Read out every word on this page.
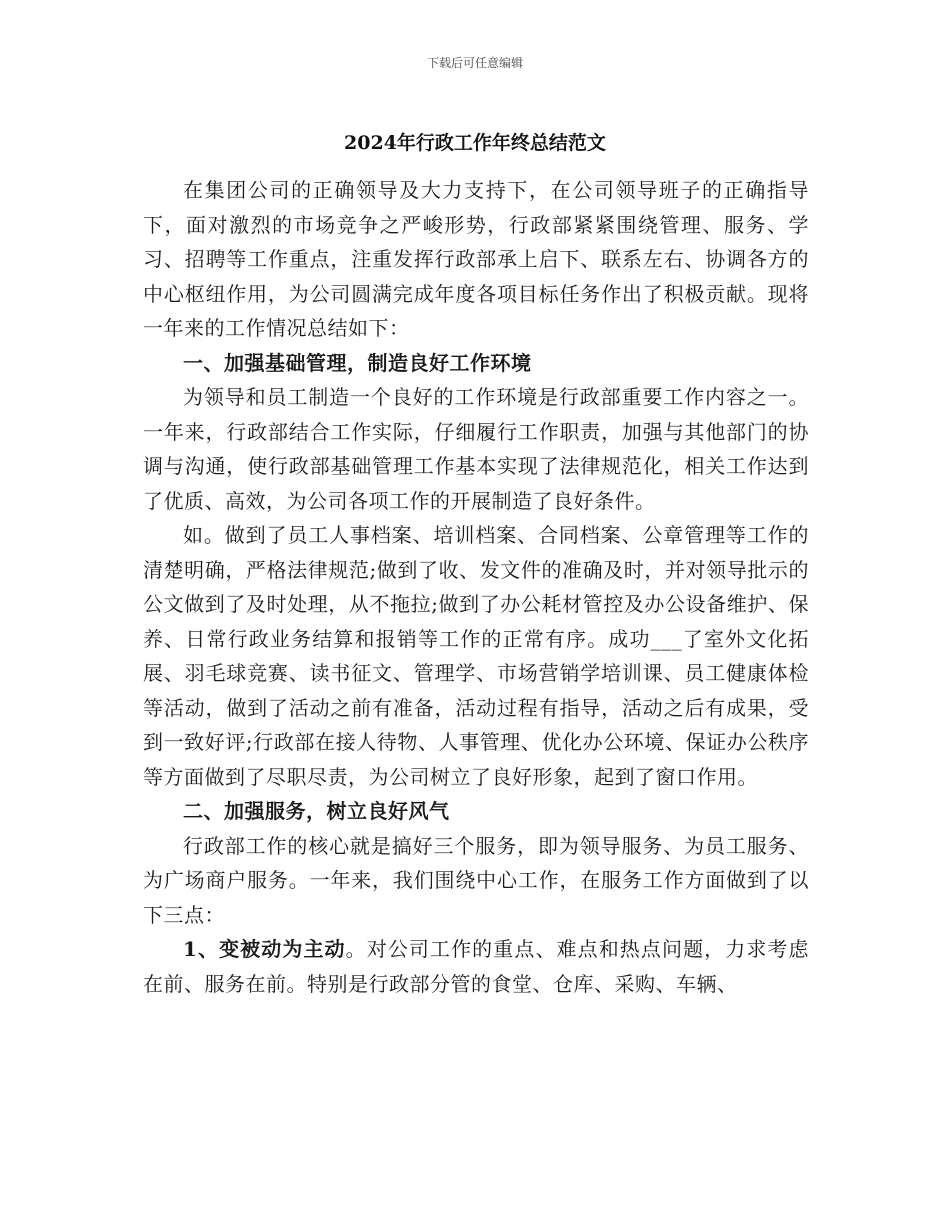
下载后可任意编辑
2024年行政工作年终总结范文

在集团公司的正确领导及大力支持下，在公司领导班子的正确指导下，面对激烈的市场竞争之严峻形势，行政部紧紧围绕管理、服务、学习、招聘等工作重点，注重发挥行政部承上启下、联系左右、协调各方的中心枢纽作用，为公司圆满完成年度各项目标任务作出了积极贡献。现将一年来的工作情况总结如下：

一、加强基础管理，制造良好工作环境

为领导和员工制造一个良好的工作环境是行政部重要工作内容之一。一年来，行政部结合工作实际，仔细履行工作职责，加强与其他部门的协调与沟通，使行政部基础管理工作基本实现了法律规范化，相关工作达到了优质、高效，为公司各项工作的开展制造了良好条件。

如。做到了员工人事档案、培训档案、合同档案、公章管理等工作的清楚明确，严格法律规范;做到了收、发文件的准确及时，并对领导批示的公文做到了及时处理，从不拖拉;做到了办公耗材管控及办公设备维护、保养、日常行政业务结算和报销等工作的正常有序。成功___了室外文化拓展、羽毛球竞赛、读书征文、管理学、市场营销学培训课、员工健康体检等活动，做到了活动之前有准备，活动过程有指导，活动之后有成果，受到一致好评;行政部在接人待物、人事管理、优化办公环境、保证办公秩序等方面做到了尽职尽责，为公司树立了良好形象，起到了窗口作用。

二、加强服务，树立良好风气

行政部工作的核心就是搞好三个服务，即为领导服务、为员工服务、为广场商户服务。一年来，我们围绕中心工作，在服务工作方面做到了以下三点：

1、变被动为主动。对公司工作的重点、难点和热点问题，力求考虑在前、服务在前。特别是行政部分管的食堂、仓库、采购、车辆、
